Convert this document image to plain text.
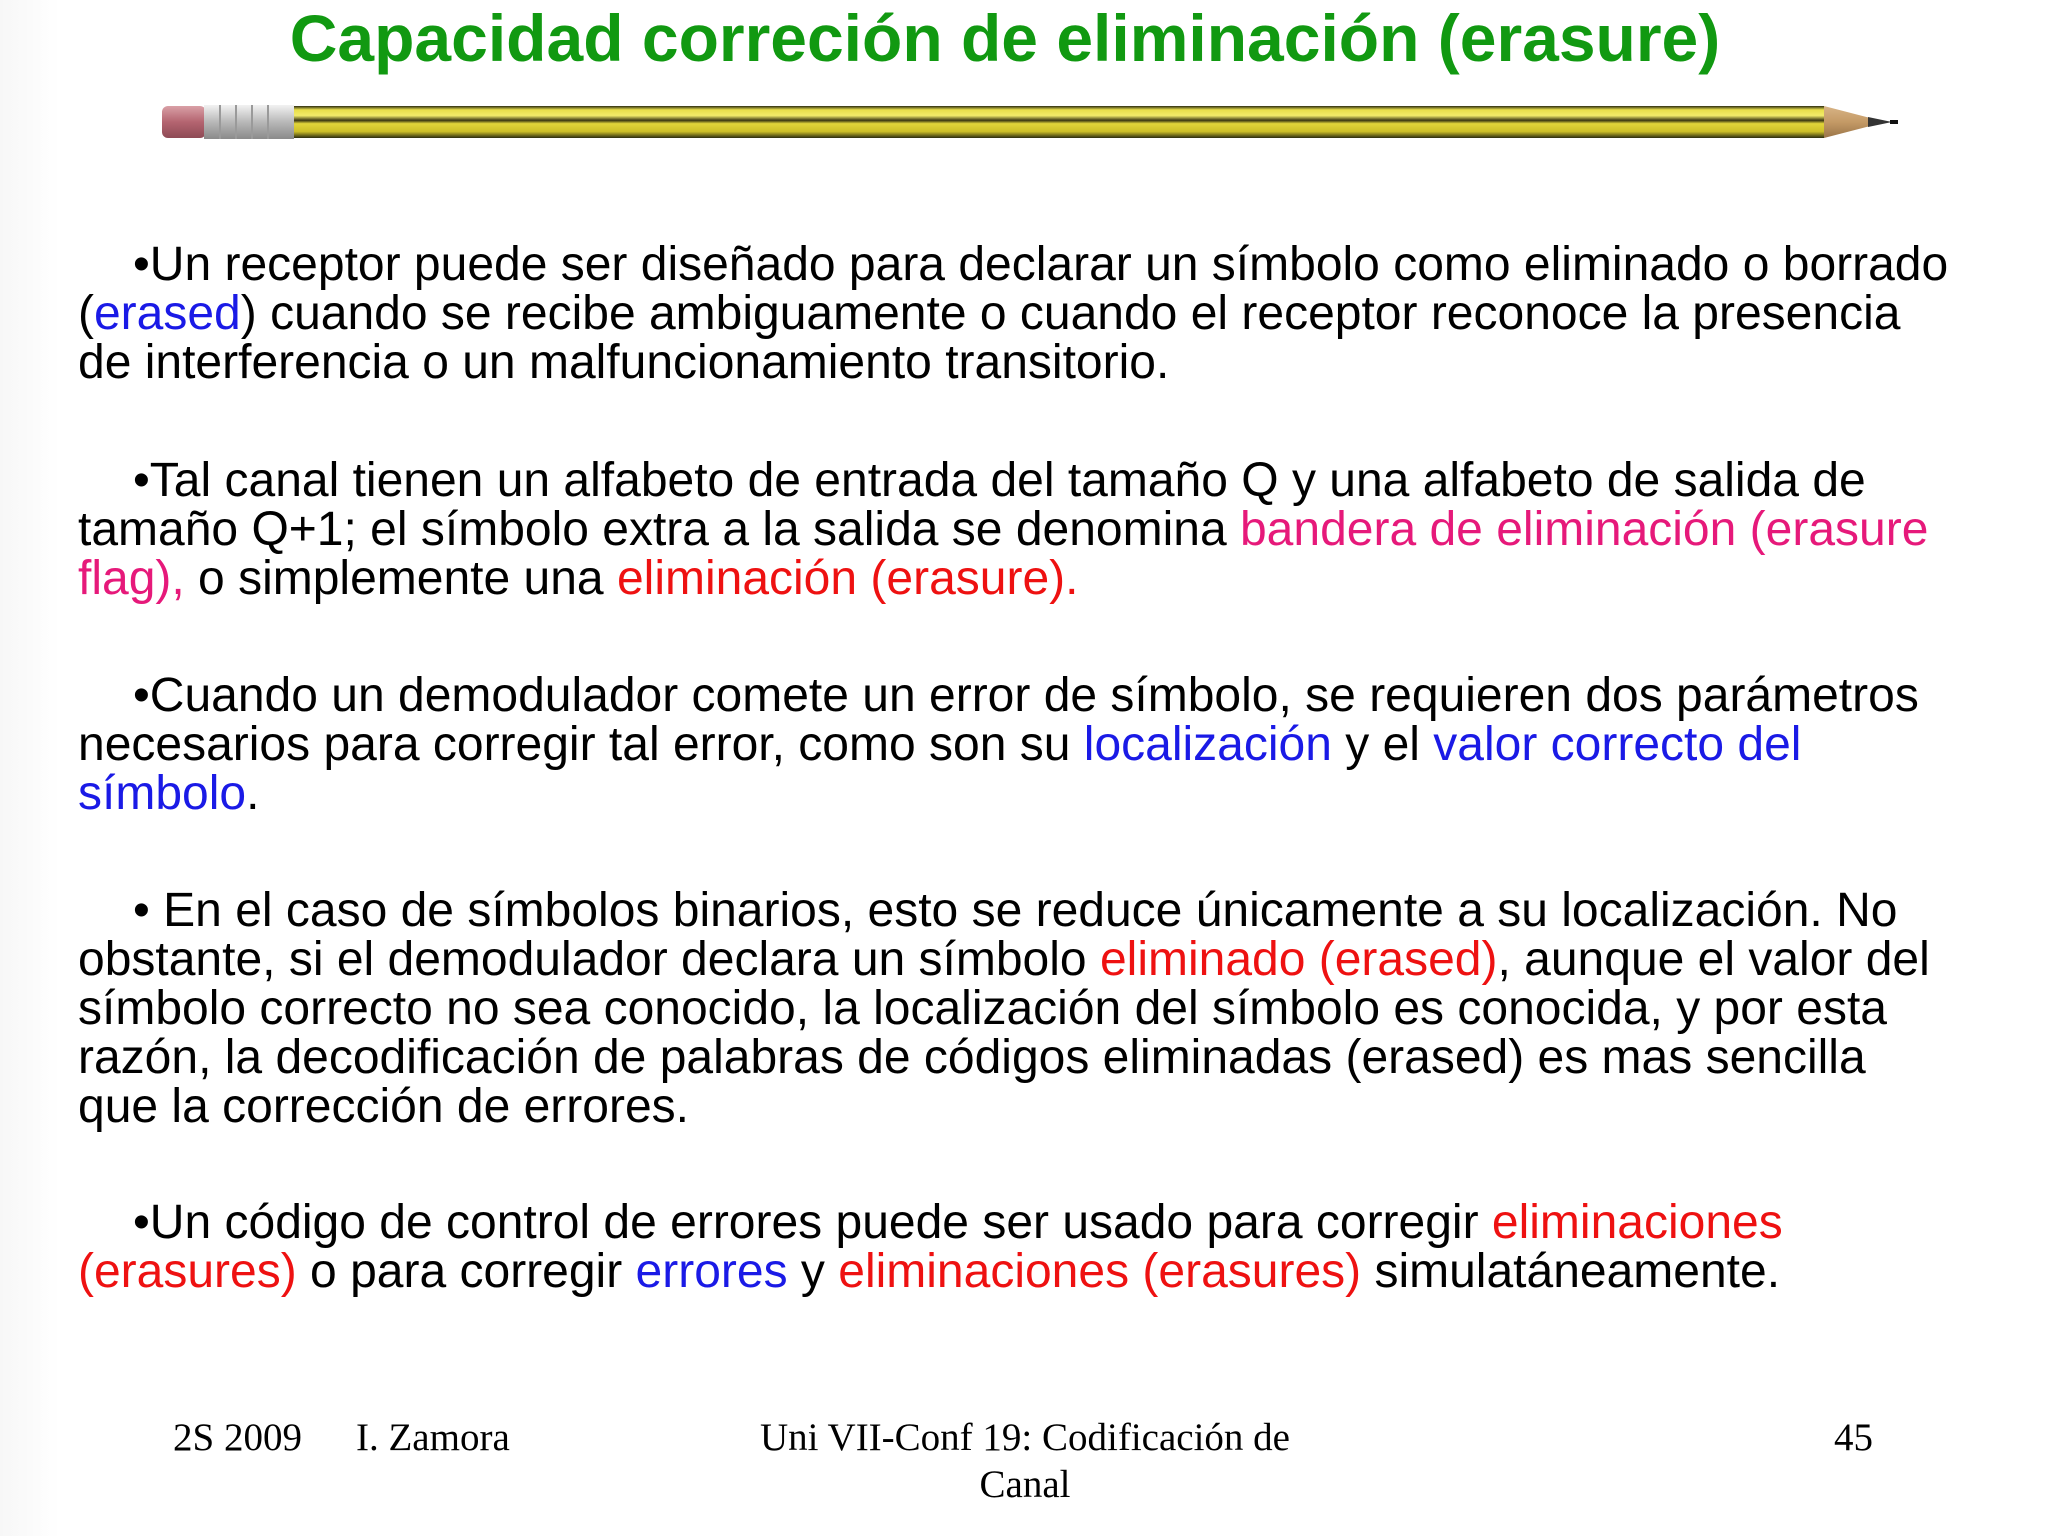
Capacidad correción de eliminación (erasure)

•Un receptor puede ser diseñado para declarar un símbolo como eliminado o borrado (erased) cuando se recibe ambiguamente o cuando el receptor reconoce la presencia de interferencia o un malfuncionamiento transitorio.

•Tal canal tienen un alfabeto de entrada del tamaño Q y una alfabeto de salida de tamaño Q+1; el símbolo extra a la salida se denomina bandera de eliminación (erasure flag), o simplemente una eliminación (erasure).

•Cuando un demodulador comete un error de símbolo, se requieren dos parámetros necesarios para corregir tal error, como son su localización y el valor correcto del símbolo.

• En el caso de símbolos binarios, esto se reduce únicamente a su localización. No obstante, si el demodulador declara un símbolo eliminado (erased), aunque el valor del símbolo correcto no sea conocido, la localización del símbolo es conocida, y por esta razón, la decodificación de palabras de códigos eliminadas (erased) es mas sencilla que la corrección de errores.

•Un código de control de errores puede ser usado para corregir eliminaciones (erasures) o para corregir errores y eliminaciones (erasures) simulatáneamente.

2S 2009 I. Zamora	Uni VII-Conf 19: Codificación de Canal
45
